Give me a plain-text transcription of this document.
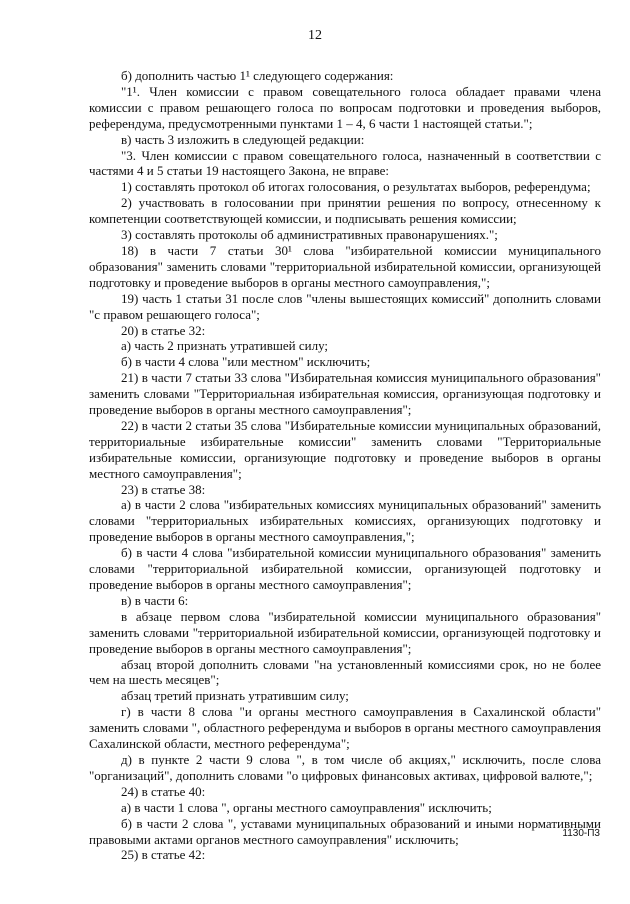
12

б) дополнить частью 1¹ следующего содержания:

"1¹. Член комиссии с правом совещательного голоса обладает правами члена комиссии с правом решающего голоса по вопросам подготовки и проведения выборов, референдума, предусмотренными пунктами 1 – 4, 6 части 1 настоящей статьи.";

в) часть 3 изложить в следующей редакции:

"3. Член комиссии с правом совещательного голоса, назначенный в соответствии с частями 4 и 5 статьи 19 настоящего Закона, не вправе:

1) составлять протокол об итогах голосования, о результатах выборов, референдума;

2) участвовать в голосовании при принятии решения по вопросу, отнесенному к компетенции соответствующей комиссии, и подписывать решения комиссии;

3) составлять протоколы об административных правонарушениях.";

18) в части 7 статьи 30¹ слова "избирательной комиссии муниципального образования" заменить словами "территориальной избирательной комиссии, организующей подготовку и проведение выборов в органы местного самоуправления,";

19) часть 1 статьи 31 после слов "члены вышестоящих комиссий" дополнить словами "с правом решающего голоса";

20) в статье 32:

а) часть 2 признать утратившей силу;

б) в части 4 слова "или местном" исключить;

21) в части 7 статьи 33 слова "Избирательная комиссия муниципального образования" заменить словами "Территориальная избирательная комиссия, организующая подготовку и проведение выборов в органы местного самоуправления";

22) в части 2 статьи 35 слова "Избирательные комиссии муниципальных образований, территориальные избирательные комиссии" заменить словами "Территориальные избирательные комиссии, организующие подготовку и проведение выборов в органы местного самоуправления";

23) в статье 38:

а) в части 2 слова "избирательных комиссиях муниципальных образований" заменить словами "территориальных избирательных комиссиях, организующих подготовку и проведение выборов в органы местного самоуправления,";

б) в части 4 слова "избирательной комиссии муниципального образования" заменить словами "территориальной избирательной комиссии, организующей подготовку и проведение выборов в органы местного самоуправления";

в) в части 6:

в абзаце первом слова "избирательной комиссии муниципального образования" заменить словами "территориальной избирательной комиссии, организующей подготовку и проведение выборов в органы местного самоуправления";

абзац второй дополнить словами "на установленный комиссиями срок, но не более чем на шесть месяцев";

абзац третий признать утратившим силу;

г) в части 8 слова "и органы местного самоуправления в Сахалинской области" заменить словами ", областного референдума и выборов в органы местного самоуправления Сахалинской области, местного референдума";

д) в пункте 2 части 9 слова ", в том числе об акциях," исключить, после слова "организаций", дополнить словами "о цифровых финансовых активах, цифровой валюте,";

24) в статье 40:

а) в части 1 слова ", органы местного самоуправления" исключить;

б) в части 2 слова ", уставами муниципальных образований и иными нормативными правовыми актами органов местного самоуправления" исключить;

25) в статье 42:

1130-П3
